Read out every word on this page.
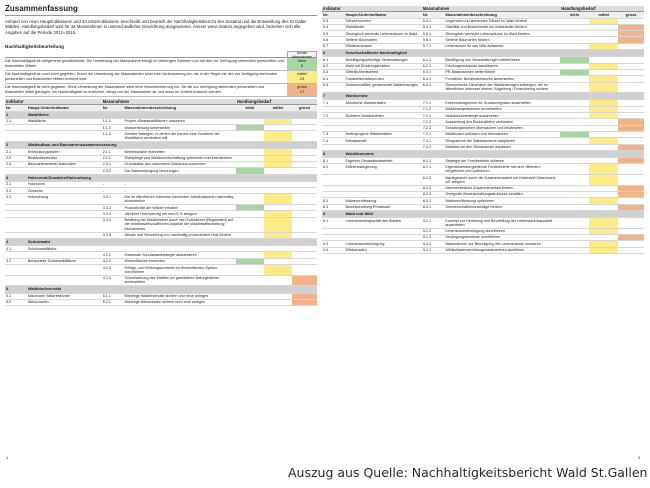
Zusammenfassung
Anhand von neun Hauptindikatoren und 32 Unterindikatoren beschreibt und beurteilt der Nachhaltigkeitsbericht den Zustand und die Entwicklung des St.Galler Waldes. Handlungsbedarf wird für 48 Massnahmen in unterschiedlicher Gewichtung ausgewiesen. Ausser wenn anders angegeben wird, beziehen sich alle Angaben auf die Periode 2012–2015.
Nachhaltigkeitsbeurteilung
Anzahl Massnahmen
Die Nachhaltigkeit ist weitgehend gewährleistet. Die Umsetzung der Massnahme erfolgt im bisherigen Rahmen und mit den zur Verfügung stehenden personellen und finanziellen Mitteln.
klein
5
Die Nachhaltigkeit ist noch nicht gegeben. Durch die Umsetzung der Massnahmen setzt eine Verbesserung ein, die in der Regel mit den zur Verfügung stehenden personellen und finanziellen Mitteln erreicht wird.
mittel
23
Die Nachhaltigkeit ist nicht gegeben. Ohne Umsetzung der Massnahme setzt eine Verschlechterung ein. Ob die zur Verfügung stehenden personellen und finanziellen Mittel genügen, um Nachhaltigkeit zu erreichen, hängt von der Massnahme ab und muss im Vorfeld evaluiert werden.
gross
17
Indikator		Massnahmen		Handlungsbedarf		
Nr.	Haupt-/Unterindikator	Nr.	Massnahmenbeschreibung	klein	mittel	gross
1	Waldfläche					
1.1	Waldfläche	1.1.1	Projekt «Baslawaldfläche» umsetzen			
		1.1.2	Waldverteilung sicherstellen			
		1.1.3	Gebiete festlegen, in denen der Kanton eine Zunahme der Waldfläche verhindern will			
2	Waldaufbau und Baumartenzusammensetzung					
2.1	Entwicklungsstufen	2.1.1	Betriebspläne erarbeiten			
2.2	Bestandesstruktur	2.2.1	Waldpflege und Waldbewirtschaftung optimieren und intensivieren			
2.3	Baumartenanteile/ Naturnähe	2.3.1	Grundsätze des naturnahen Waldbaus anwenden			
		2.3.2	Die Naturverjüngung bevorzugen			
3	Holzvorrat/Zuwachs/Holznutzung					
3.1	Holzvorrat	-	-			
3.2	Zuwachs	-	-			
3.3	Holznutzung	3.3.1	Die im öffentlichen Interesse stehenden Waldfunktionen nachhaltig sicherstellen			
		3.3.2	Produktivität der Wälder erhalten			
		3.3.3	Jährliche Holznutzung um rund 5 % steigern			
		3.3.4	Beratung der Waldbesitzer durch den Forstdienst (Regionalen) auf die betriebswirtschaftlichen Aspekte der Waldbewirtschaftung intensivieren			
		3.3.5	Absatz und Verwertung von nachhaltig produziertem Holz fördern			
4	Schutzwald					
4.1	Schutzwaldfläche	-	-			
		4.2.1	Kantonale Schutzwaldstrategie aktualisieren			
4.2	Behandelte Schutzwaldfläche	4.2.2	Weiserflächen einrichten			
		4.2.3	Erfolgs- und Wirkungskontrolle im Weiserflächen-System durchführen			
		4.2.4	Schutzwirkung des Waldes vor gravitativen Naturgefahren sicherstellen			
5	Waldbiodiversität					
5.1	Naturnahe Waldreservate	5.1.1	Bisherige Waldreservate sichern und neue anlegen			
5.2	Altholzinseln	5.2.1	Bisherige Altholzinseln sichern und neue anlegen			
Indikator		Massnahmen		Handlungsbedarf		
Nr.	Haupt-/Unterindikator	Nr.	Massnahmenbeschreibung	klein	mittel	gross
5.3	Totholzvolumen	5.3.1	Liegendes und stehendes Totholz im Wald fördern			
5.4	Waldränder	5.4.1	Stabilität und Biodiversität der Waldränder fördern			
5.5	Ökologisch wertvolle Lebensräume im Wald	5.5.1	Ökologisch wertvolle Lebensräume im Wald fördern			
5.6	Seltene Baumarten	5.6.1	Seltene Baumarten fördern			
5.7	Wildlebensraum	5.7.1	Lebensraum für das Wild aufwerten			
6	Gesellschaftliche Nachhaltigkeit					
6.1	Bewilligungspflichtige Veranstaltungen	6.1.1	Bewilligung von Veranstaltungen weiterführen			
6.2	Wald mit Erholungsfunktion	6.2.1	Erholungsnutzende kanalisieren			
6.3	Öffentlichkeitsarbeit	6.3.1	PR-Massnahmen weiterführen			
6.4	Forstwirtschaftsberufen	6.4.1	Forstlicher Berufsnachwuchs sicherstellen			
6.5	Gesellschaftlich gewünschte Waldleistungen	6.5.1	Ökonomische Dimension der Waldleistungen aufzeigen, die im öffentlichen Interesse stehen; Abgeltung / Finanzierung sichern			
7	Waldschutz					
7.1	Abiotische Waldschäden	7.1.1	Krisenmanagement für Grossereignisse ausarbeiten			
		7.1.2	Waldbrandprävention sicherstellen			
7.2	Biotische Waldschäden	7.2.1	Waldschutzstrategie ausarbeiten			
		7.2.2	Ausbreitung des Borkenkäfers verhindern			
		7.2.3	Schadorganismen überwachen und bekämpfen			
7.3	Anthropogene Waldschäden	7.3.1	Waldboden schützen und überwachen			
7.4	Klimawandel	7.4.1	Ökogramme der Waldstandorte adaptieren			
		7.4.2	Waldbau an den Klimawandel anpassen			
8	Waldökonomie					
8.1	Ergebnis Gesamtforstbetrieb	8.1.1	Strategie der Forstbetriebe initiieren			
8.2	Effizienzsteigerung	8.2.1	Eigentümerübergreifende Forstbetriebe mit dem «Betrieb» vergleichen und optimieren			
		8.2.2	Marktgewicht durch die Zusammenarbeit mit Holzmarkt Ostschweiz AG steigern			
		8.2.3	Überbetriebliche Zusammenarbeit fördern			
		8.2.4	Geeignete Bewirtschaftungsstrukturen schaffen			
8.3	Walderschliessung	8.3.1	Walderschliessung optimieren			
8.4	Bewirtschaftung Privatwald	8.4.1	Gemeinschaftsholzschläge fördern			
9	Wald und Wild					
9.1	Lebensraumkapazität des Waldes	9.1.1	Konzept zur Herleitung und Beurteilung der Lebensraumkapazität ausarbeiten			
		9.1.2	Lebensraumberuhigung durchführen			
		9.1.3	Verjüngungskontrolle durchführen			
9.3	Lebensraumberuhigung	9.3.2	Massnahmen zur Beruhigung des Lebensraums umsetzen			
9.4	Wildschaden	9.4.1	Wildschadenverhütungsmassnahmen ausführen			
4	5
Auszug aus Quelle: Nachhaltigkeitsbericht Wald St.Gallen
